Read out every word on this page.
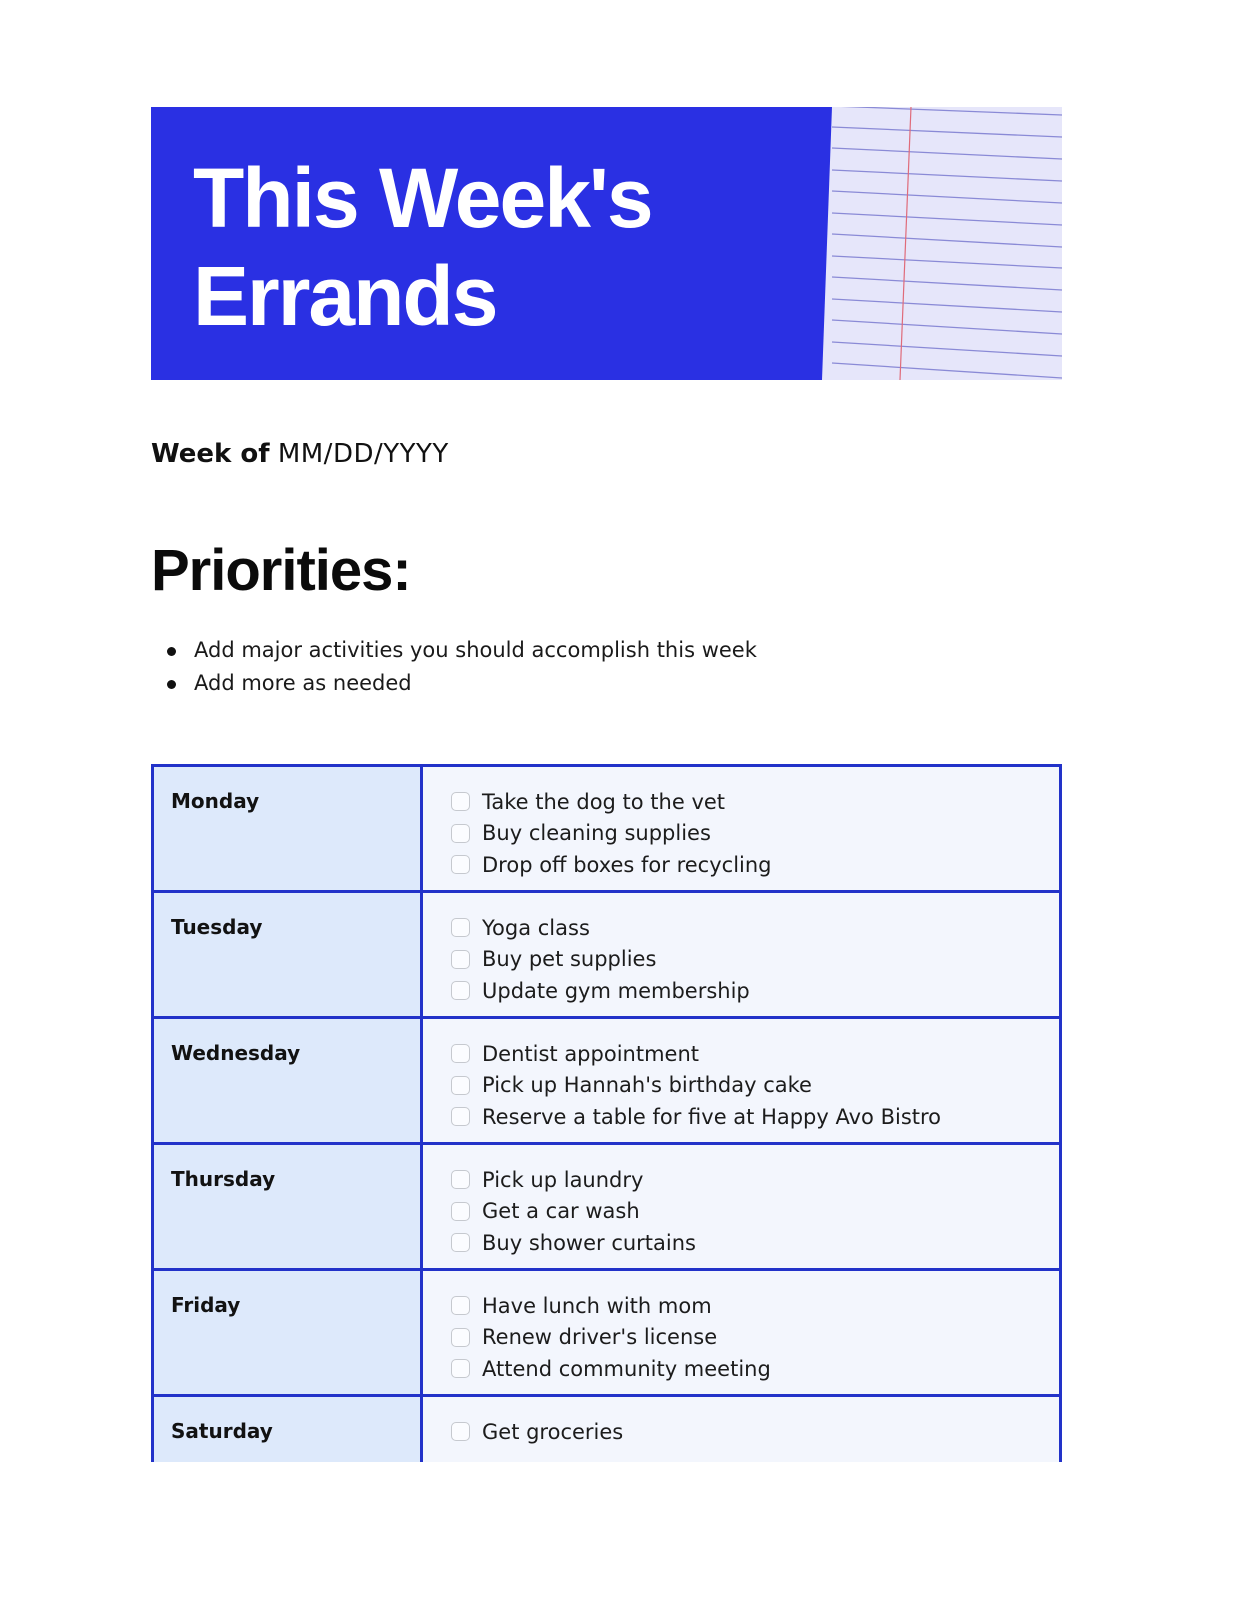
This Week's
Errands
Week of MM/DD/YYYY
Priorities:
Add major activities you should accomplish this week
Add more as needed
Monday	Take the dog to the vet
Buy cleaning supplies
Drop off boxes for recycling

Tuesday	Yoga class
Buy pet supplies
Update gym membership

Wednesday	Dentist appointment
Pick up Hannah's birthday cake
Reserve a table for five at Happy Avo Bistro

Thursday	Pick up laundry
Get a car wash
Buy shower curtains

Friday	Have lunch with mom
Renew driver's license
Attend community meeting

Saturday	Get groceries
